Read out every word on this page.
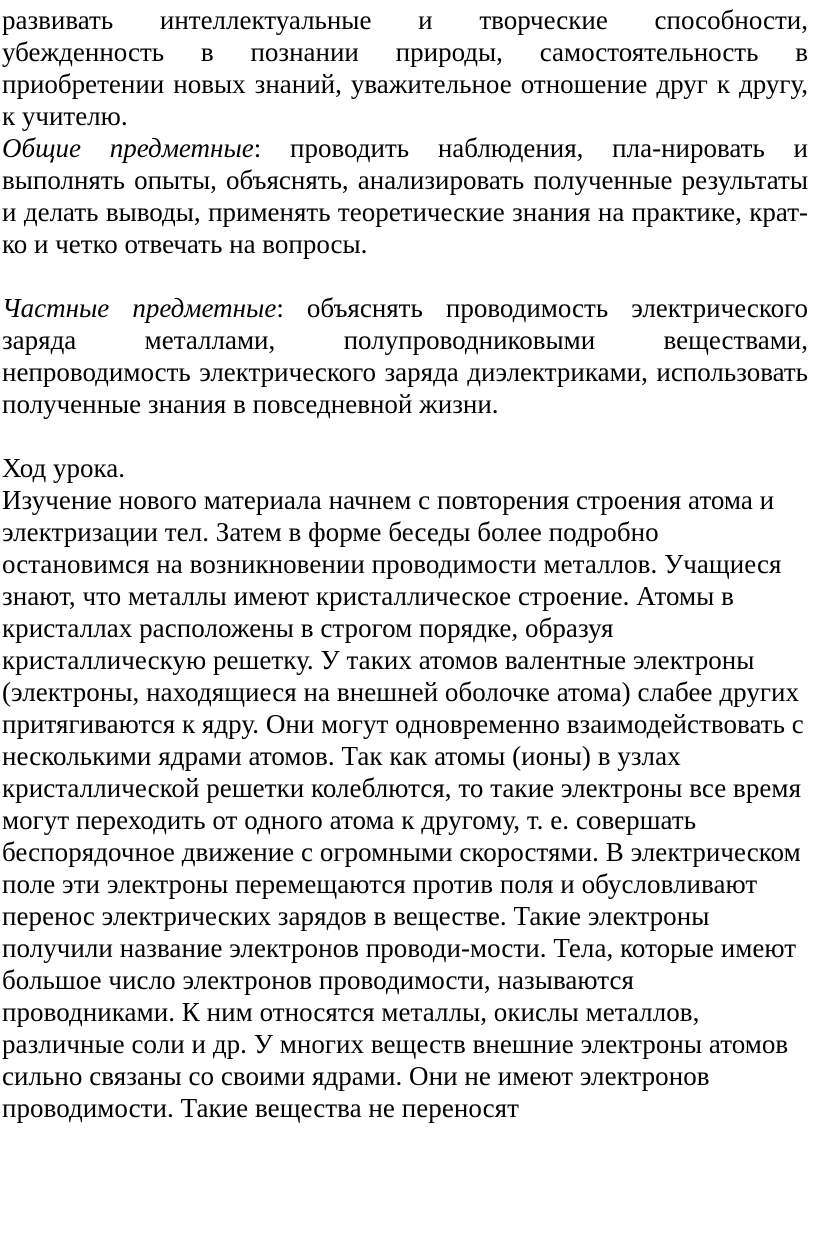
развивать интеллектуальные и творческие способности, убежденность в познании природы, самостоятельность в приобретении новых знаний, уважительное отношение друг к другу, к учителю.

Общие предметные: проводить наблюдения, пла-нировать и выполнять опыты, объяснять, анализировать полученные результаты и делать выводы, применять теоретические знания на практике, крат- ко и четко отвечать на вопросы.

Частные предметные: объяснять проводимость электрического заряда металлами, полупроводниковыми веществами, непроводимость электрического заряда диэлектриками, использовать полученные знания в повседневной жизни.

Ход урока.

Изучение нового материала начнем с повторения строения атома и электризации тел. Затем в форме беседы более подробно остановимся на возникновении проводимости металлов. Учащиеся знают, что металлы имеют кристаллическое строение. Атомы в кристаллах расположены в строгом порядке, образуя кристаллическую решетку. У таких атомов валентные электроны (электроны, находящиеся на внешней оболочке атома) слабее других притягиваются к ядру. Они могут одновременно взаимодействовать с несколькими ядрами атомов. Так как атомы (ионы) в узлах кристаллической решетки колеблются, то такие электроны все время могут переходить от одного атома к другому, т. е. совершать беспорядочное движение с огромными скоростями. В электрическом поле эти электроны перемещаются против поля и обусловливают перенос электрических зарядов в веществе. Такие электроны получили название электронов проводи-мости. Тела, которые имеют большое число электронов проводимости, называются проводниками. К ним относятся металлы, окислы металлов, различные соли и др. У многих веществ внешние электроны атомов сильно связаны со своими ядрами. Они не имеют электронов проводимости. Такие вещества не переносят
